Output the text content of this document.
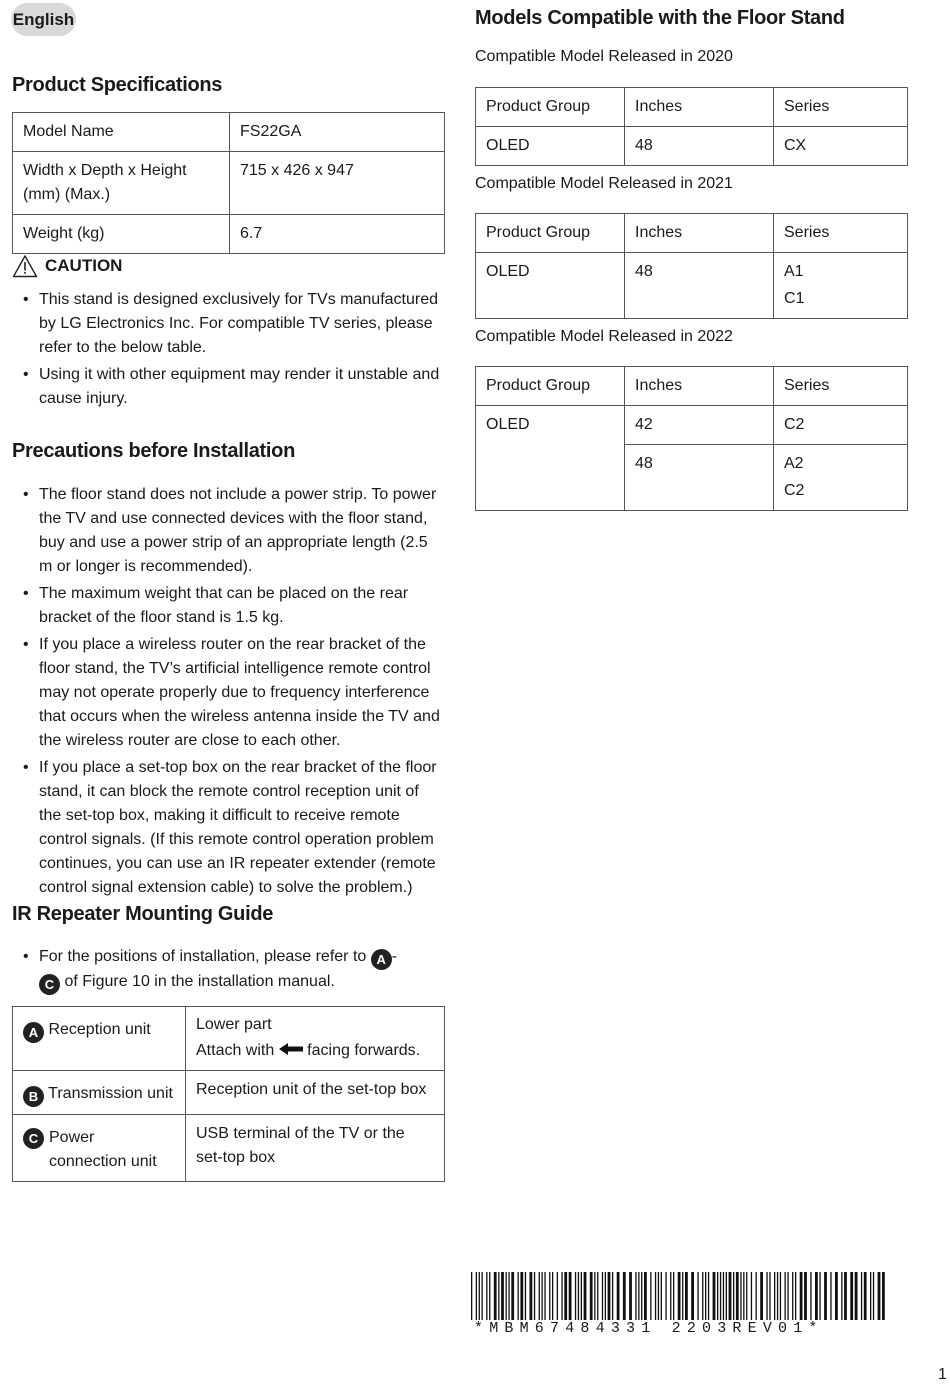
English
Product Specifications
Model Name	FS22GA
Width x Depth x Height (mm) (Max.)	715 x 426 x 947
Weight (kg)	6.7
CAUTION
• This stand is designed exclusively for TVs manufactured by LG Electronics Inc. For compatible TV series, please refer to the below table.
• Using it with other equipment may render it unstable and cause injury.
Precautions before Installation
• The floor stand does not include a power strip. To power the TV and use connected devices with the floor stand, buy and use a power strip of an appropriate length (2.5 m or longer is recommended).
• The maximum weight that can be placed on the rear bracket of the floor stand is 1.5 kg.
• If you place a wireless router on the rear bracket of the floor stand, the TV’s artificial intelligence remote control may not operate properly due to frequency interference that occurs when the wireless antenna inside the TV and the wireless router are close to each other.
• If you place a set-top box on the rear bracket of the floor stand, it can block the remote control reception unit of the set-top box, making it difficult to receive remote control signals. (If this remote control operation problem continues, you can use an IR repeater extender (remote control signal extension cable) to solve the problem.)
IR Repeater Mounting Guide
• For the positions of installation, please refer to A -C of Figure 10 in the installation manual.
A Reception unit	Lower part
Attach with facing forwards.

B Transmission unit	Reception unit of the set-top box

C Power connection unit	USB terminal of the TV or the set-top box
Models Compatible with the Floor Stand
Compatible Model Released in 2020
Product Group	Inches	Series
OLED	48	CX
Compatible Model Released in 2021
Product Group	Inches	Series
OLED	48	A1
C1
Compatible Model Released in 2022
Product Group	Inches	Series
OLED	42	C2
	48	A2
C2
*MBM67484331 2203REV01*
1
